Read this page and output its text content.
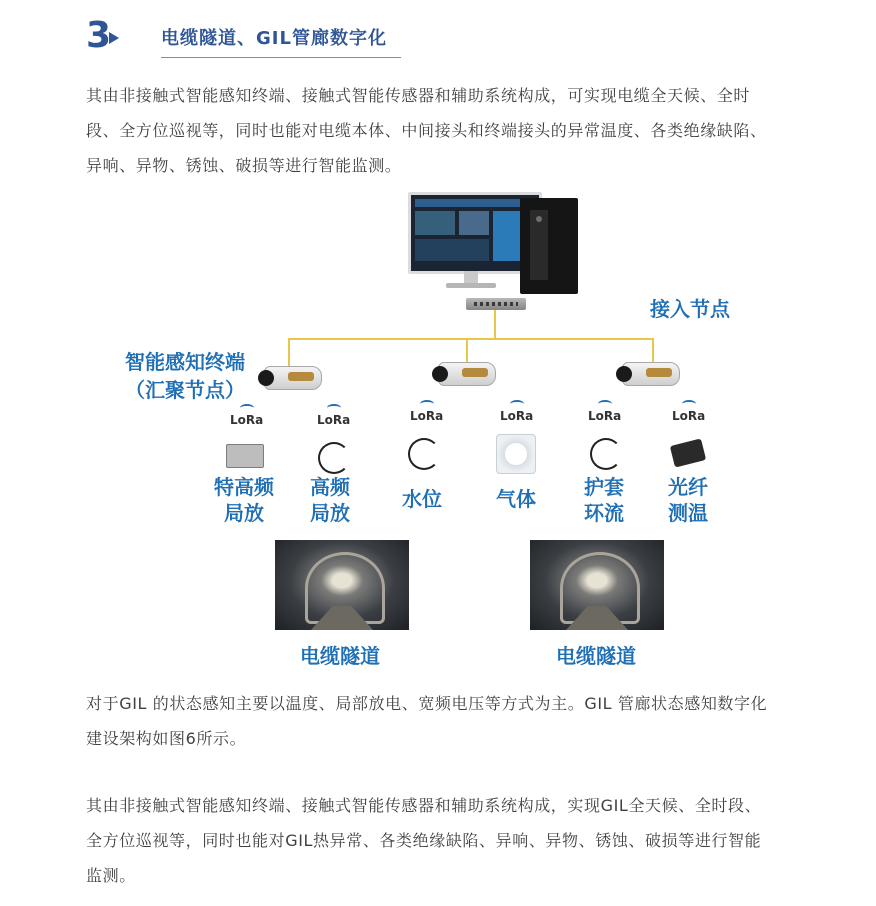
3	电缆隧道、GIL管廊数字化
其由非接触式智能感知终端、接触式智能传感器和辅助系统构成，可实现电缆全天候、全时段、全方位巡视等，同时也能对电缆本体、中间接头和终端接头的异常温度、各类绝缘缺陷、异响、异物、锈蚀、破损等进行智能监测。
接入节点
智能感知终端
（汇聚节点）
LoRa	LoRa	LoRa	LoRa	LoRa	LoRa
特高频
局放
高频
局放
水位	气体	护套
环流
光纤
测温
电缆隧道	电缆隧道
对于GIL 的状态感知主要以温度、局部放电、宽频电压等方式为主。GIL 管廊状态感知数字化建设架构如图6所示。
其由非接触式智能感知终端、接触式智能传感器和辅助系统构成，实现GIL全天候、全时段、全方位巡视等，同时也能对GIL热异常、各类绝缘缺陷、异响、异物、锈蚀、破损等进行智能监测。
